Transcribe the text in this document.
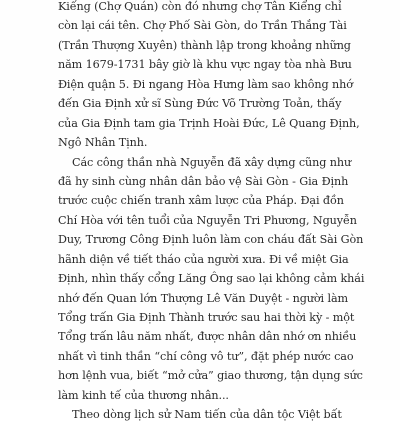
Kiếng (Chợ Quán) còn đó nhưng chợ Tân Kiểng chỉ
còn lại cái tên. Chợ Phố Sài Gòn, do Trần Thắng Tài
(Trần Thượng Xuyên) thành lập trong khoảng những
năm 1679-1731 bây giờ là khu vực ngay tòa nhà Bưu
Điện quận 5. Đi ngang Hòa Hưng làm sao không nhớ
đến Gia Định xử sĩ Sùng Đức Võ Trường Toản, thấy
của Gia Định tam gia Trịnh Hoài Đức, Lê Quang Định,
Ngô Nhân Tịnh.
Các công thần nhà Nguyễn đã xây dựng cũng như
đã hy sinh cùng nhân dân bảo vệ Sài Gòn - Gia Định
trước cuộc chiến tranh xâm lược của Pháp. Đại đồn
Chí Hòa với tên tuổi của Nguyễn Tri Phương, Nguyễn
Duy, Trương Công Định luôn làm con cháu đất Sài Gòn
hãnh diện về tiết tháo của người xưa. Đi về miệt Gia
Định, nhìn thấy cổng Lăng Ông sao lại không cảm khái
nhớ đến Quan lớn Thượng Lê Văn Duyệt - người làm
Tổng trấn Gia Định Thành trước sau hai thời kỳ - một
Tổng trấn lâu năm nhất, được nhân dân nhớ ơn nhiều
nhất vì tinh thần “chí công vô tư”, đặt phép nước cao
hơn lệnh vua, biết “mở cửa” giao thương, tận dụng sức
làm kinh tế của thương nhân...
Theo dòng lịch sử Nam tiến của dân tộc Việt bất
